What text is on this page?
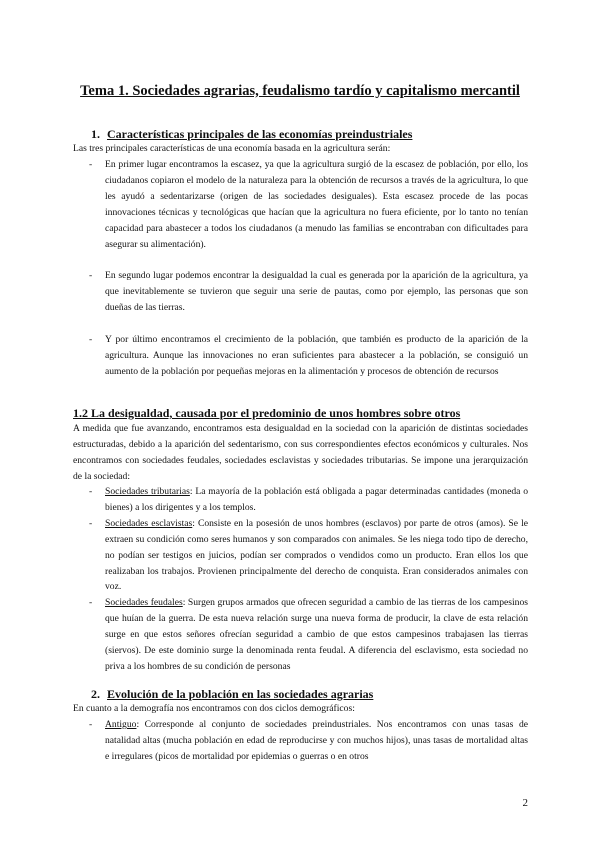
Tema 1. Sociedades agrarias, feudalismo tardío y capitalismo mercantil
1. Características principales de las economías preindustriales

Las tres principales características de una economía basada en la agricultura serán:

- En primer lugar encontramos la escasez, ya que la agricultura surgió de la escasez de población, por ello, los ciudadanos copiaron el modelo de la naturaleza para la obtención de recursos a través de la agricultura, lo que les ayudó a sedentarizarse (origen de las sociedades desiguales). Esta escasez procede de las pocas innovaciones técnicas y tecnológicas que hacían que la agricultura no fuera eficiente, por lo tanto no tenían capacidad para abastecer a todos los ciudadanos (a menudo las familias se encontraban con dificultades para asegurar su alimentación).
- En segundo lugar podemos encontrar la desigualdad la cual es generada por la aparición de la agricultura, ya que inevitablemente se tuvieron que seguir una serie de pautas, como por ejemplo, las personas que son dueñas de las tierras.
- Y por último encontramos el crecimiento de la población, que también es producto de la aparición de la agricultura. Aunque las innovaciones no eran suficientes para abastecer a la población, se consiguió un aumento de la población por pequeñas mejoras en la alimentación y procesos de obtención de recursos
1.2 La desigualdad, causada por el predominio de unos hombres sobre otros

A medida que fue avanzando, encontramos esta desigualdad en la sociedad con la aparición de distintas sociedades estructuradas, debido a la aparición del sedentarismo, con sus correspondientes efectos económicos y culturales. Nos encontramos con sociedades feudales, sociedades esclavistas y sociedades tributarias. Se impone una jerarquización de la sociedad:

- Sociedades tributarias: La mayoría de la población está obligada a pagar determinadas cantidades (moneda o bienes) a los dirigentes y a los templos.
- Sociedades esclavistas: Consiste en la posesión de unos hombres (esclavos) por parte de otros (amos). Se le extraen su condición como seres humanos y son comparados con animales. Se les niega todo tipo de derecho, no podían ser testigos en juicios, podían ser comprados o vendidos como un producto. Eran ellos los que realizaban los trabajos. Provienen principalmente del derecho de conquista. Eran considerados animales con voz.
- Sociedades feudales: Surgen grupos armados que ofrecen seguridad a cambio de las tierras de los campesinos que huían de la guerra. De esta nueva relación surge una nueva forma de producir, la clave de esta relación surge en que estos señores ofrecían seguridad a cambio de que estos campesinos trabajasen las tierras (siervos). De este dominio surge la denominada renta feudal. A diferencia del esclavismo, esta sociedad no priva a los hombres de su condición de personas
2. Evolución de la población en las sociedades agrarias

En cuanto a la demografía nos encontramos con dos ciclos demográficos:

- Antiguo: Corresponde al conjunto de sociedades preindustriales. Nos encontramos con unas tasas de natalidad altas (mucha población en edad de reproducirse y con muchos hijos), unas tasas de mortalidad altas e irregulares (picos de mortalidad por epidemias o guerras o en otros
2
